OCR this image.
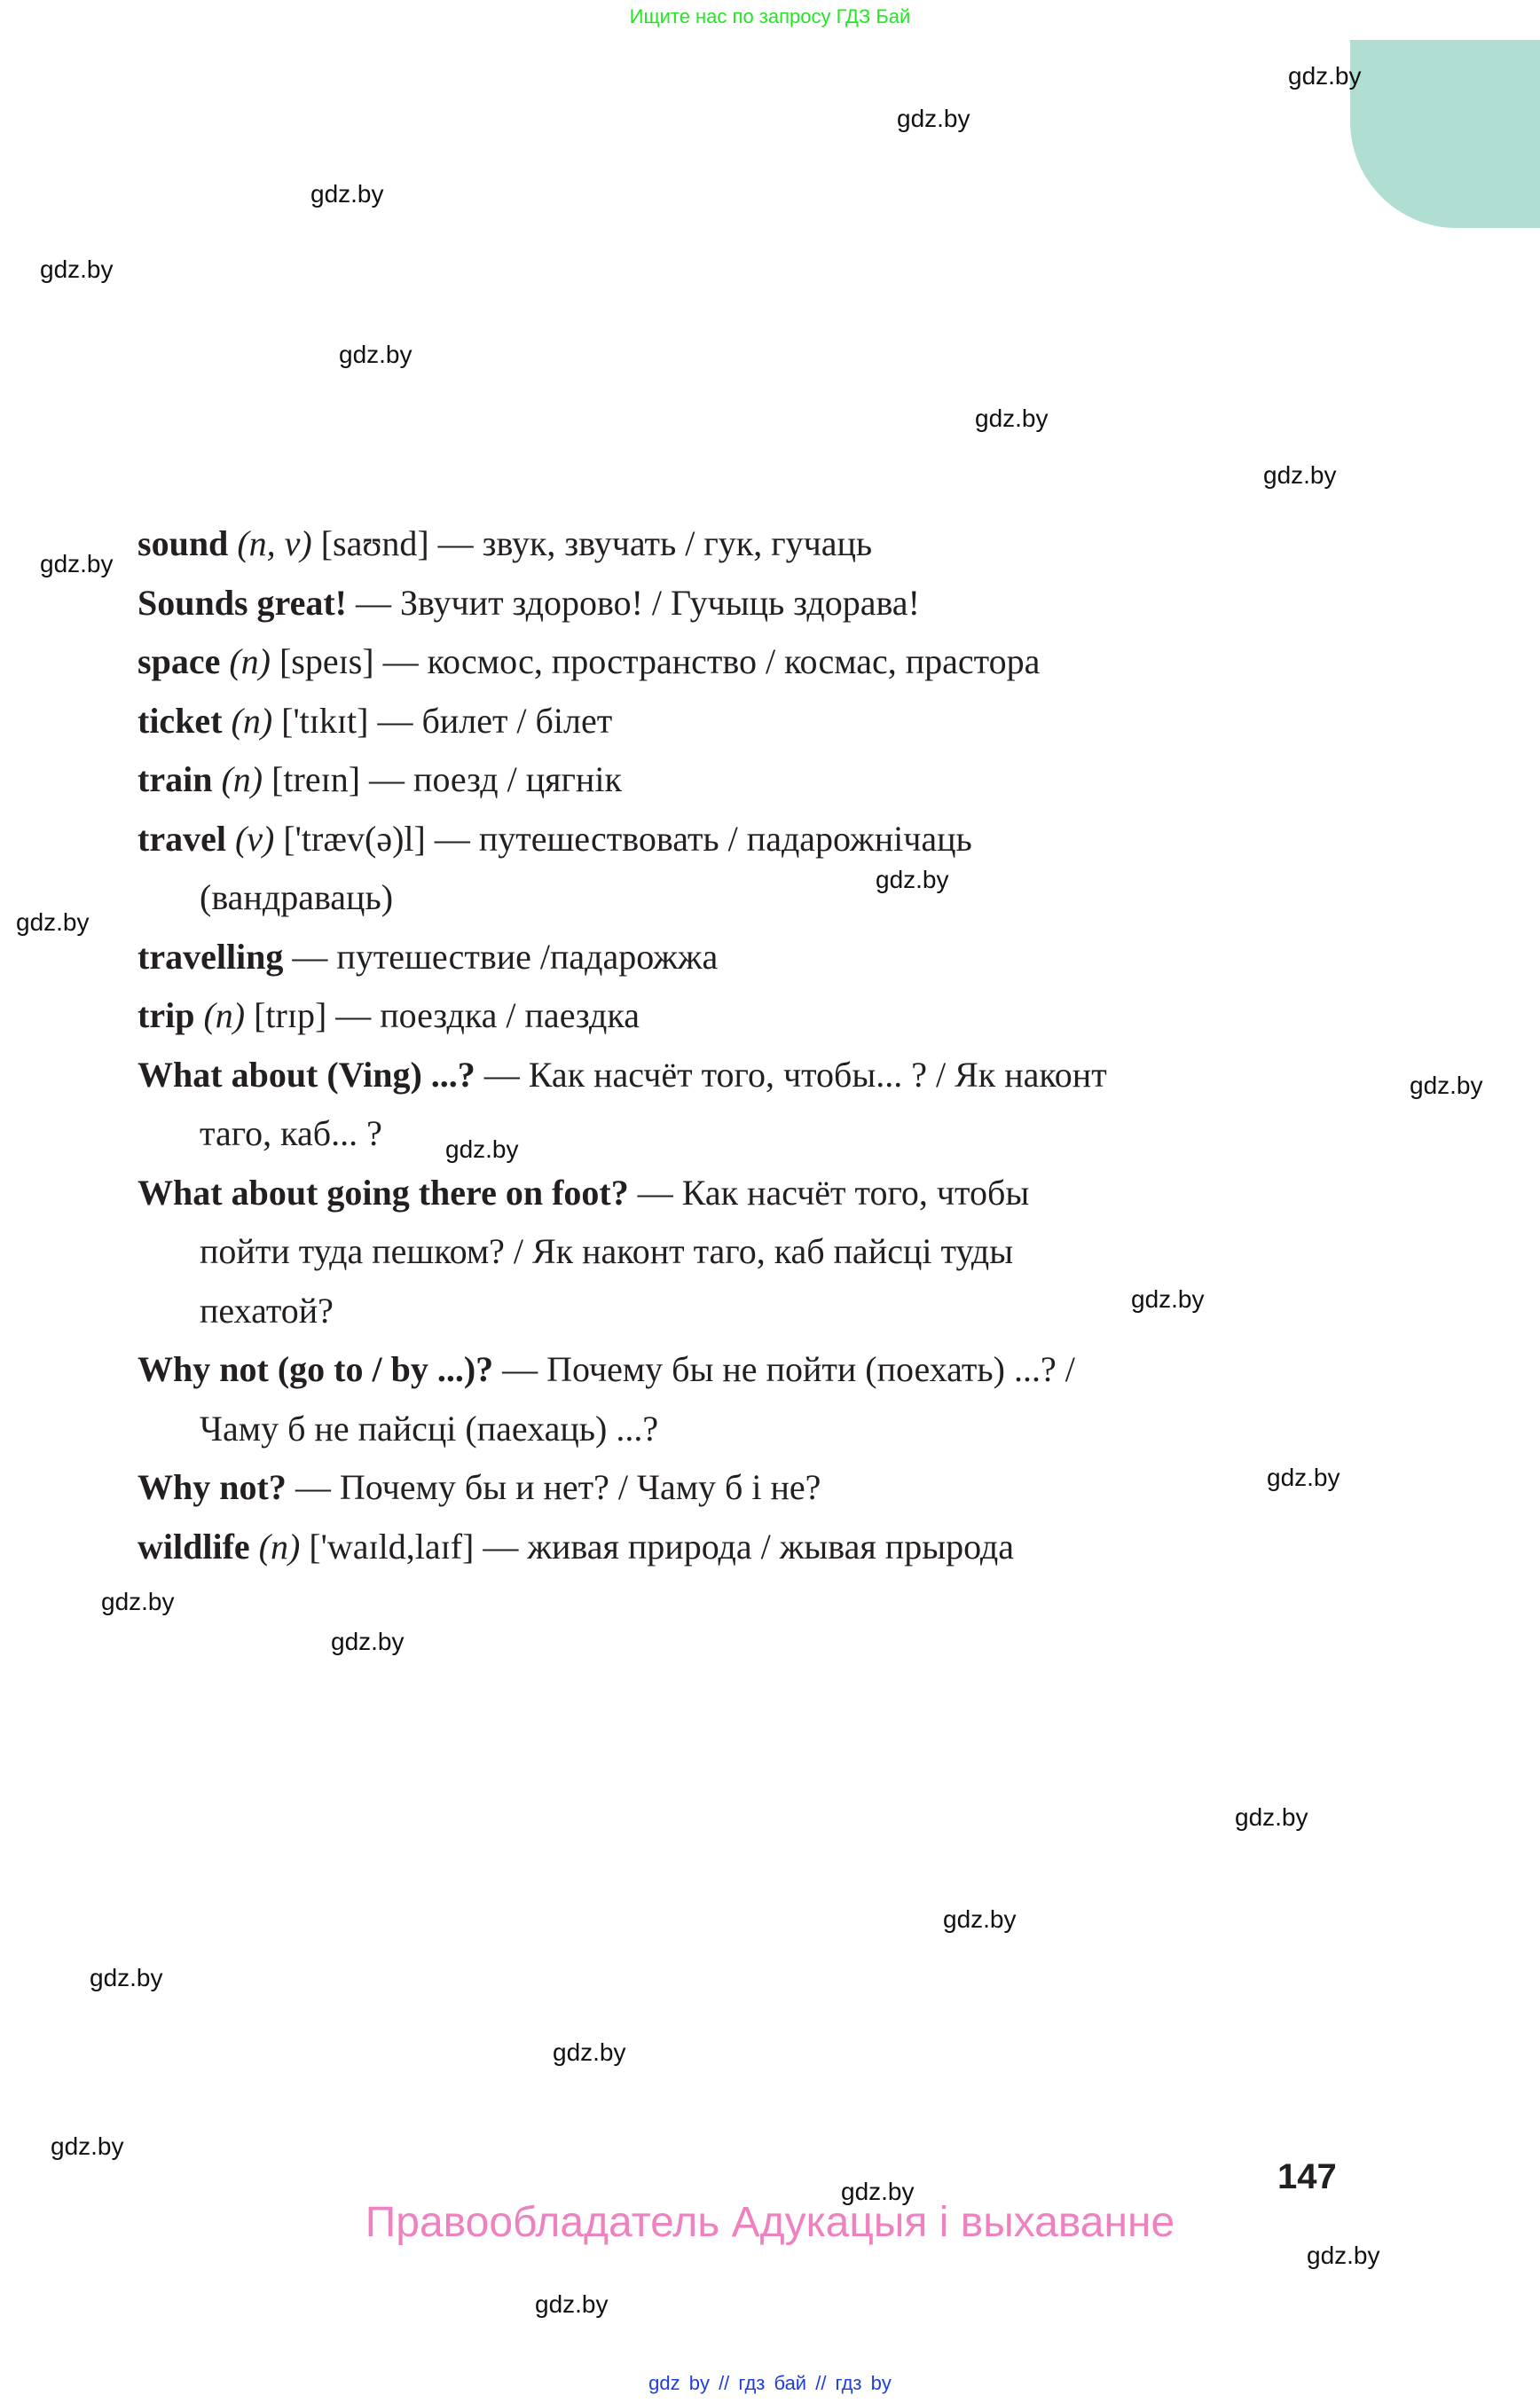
Ищите нас по запросу ГДЗ Бай

sound (n, v) [saʊnd] — звук, звучать / гук, гучаць

Sounds great! — Звучит здорово! / Гучыць здорава!

space (n) [speɪs] — космос, пространство / космас, прастора

ticket (n) ['tɪkɪt] — билет / білет

train (n) [treɪn] — поезд / цягнік

travel (v) ['træv(ə)l] — путешествовать / падарожнічаць
(вандраваць)

travelling — путешествие /падарожжа

trip (n) [trɪp] — поездка / паездка

What about (Ving) ...? — Как насчёт того, чтобы... ? / Як наконт
таго, каб... ?

What about going there on foot? — Как насчёт того, чтобы
пойти туда пешком? / Як наконт таго, каб пайсці туды
пехатой?

Why not (go to / by ...)? — Почему бы не пойти (поехать) ...? /
Чаму б не пайсці (паехаць) ...?

Why not? — Почему бы и нет? / Чаму б і не?

wildlife (n) ['waɪld,laɪf] — живая природа / жывая прырода

gdz.by
gdz.by
gdz.by
gdz.by
gdz.by
gdz.by
gdz.by
gdz.by
gdz.by
gdz.by
gdz.by
gdz.by
gdz.by
gdz.by
gdz.by
gdz.by
gdz.by
gdz.by
gdz.by
gdz.by
gdz.by
gdz.by
gdz.by
gdz.by
147
Правообладатель Адукацыя і выхаванне
gdz by // гдз бай // гдз by
